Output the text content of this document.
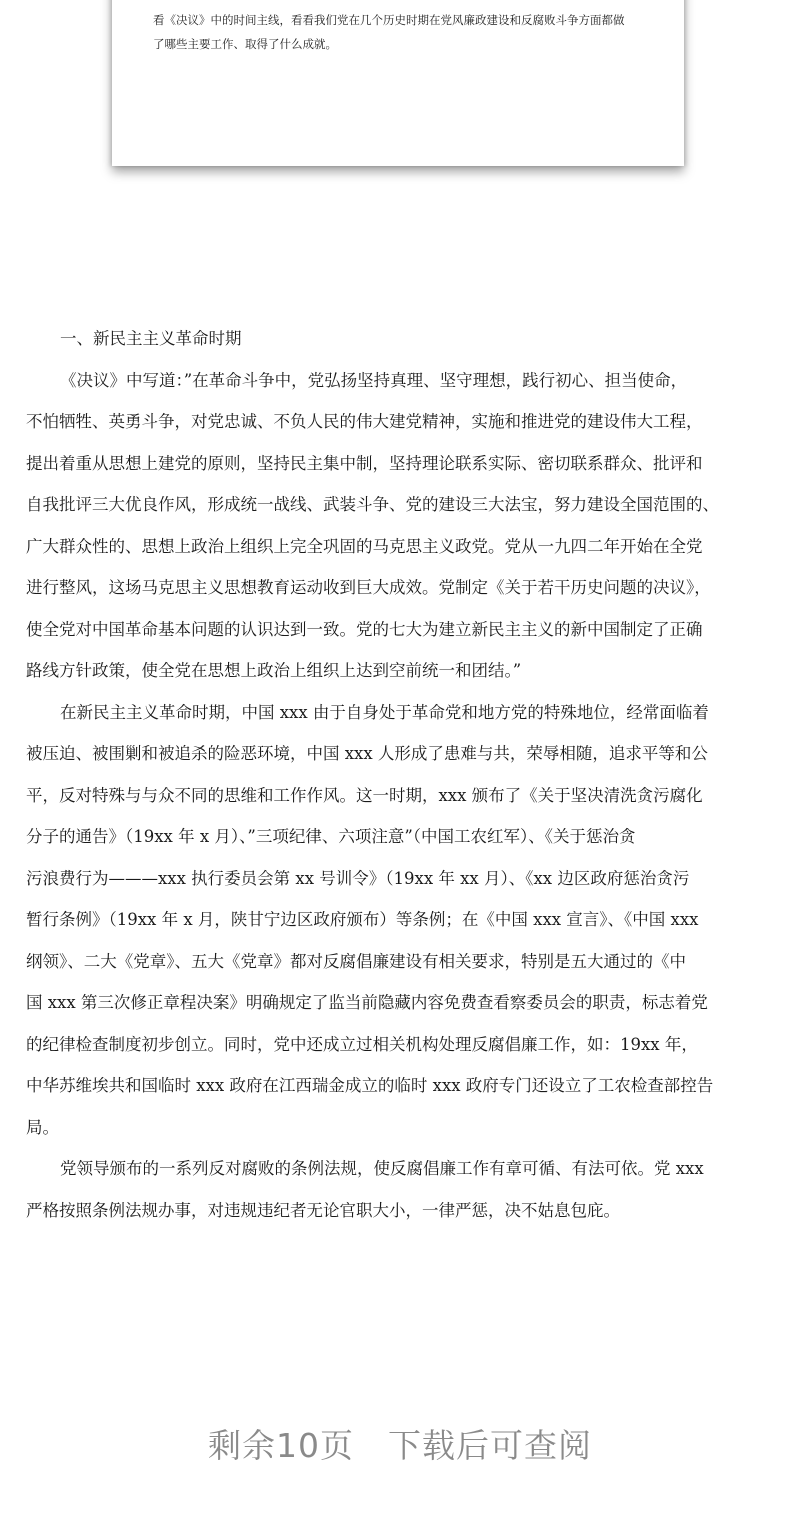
看《决议》中的时间主线，看看我们党在几个历史时期在党风廉政建设和反腐败斗争方面都做

了哪些主要工作、取得了什么成就。

一、新民主主义革命时期

《决议》中写道：”在革命斗争中，党弘扬坚持真理、坚守理想，践行初心、担当使命，

不怕牺牲、英勇斗争，对党忠诚、不负人民的伟大建党精神，实施和推进党的建设伟大工程，

提出着重从思想上建党的原则，坚持民主集中制，坚持理论联系实际、密切联系群众、批评和

自我批评三大优良作风，形成统一战线、武装斗争、党的建设三大法宝，努力建设全国范围的、

广大群众性的、思想上政治上组织上完全巩固的马克思主义政党。党从一九四二年开始在全党

进行整风，这场马克思主义思想教育运动收到巨大成效。党制定《关于若干历史问题的决议》，

使全党对中国革命基本问题的认识达到一致。党的七大为建立新民主主义的新中国制定了正确

路线方针政策，使全党在思想上政治上组织上达到空前统一和团结。”

在新民主主义革命时期，中国 xxx 由于自身处于革命党和地方党的特殊地位，经常面临着

被压迫、被围剿和被追杀的险恶环境，中国 xxx 人形成了患难与共，荣辱相随，追求平等和公

平，反对特殊与与众不同的思维和工作作风。这一时期，xxx 颁布了《关于坚决清洗贪污腐化

分子的通告》（19xx 年 x 月）、”三项纪律、六项注意”（中国工农红军）、《关于惩治贪

污浪费行为———xxx 执行委员会第 xx 号训令》（19xx 年 xx 月）、《xx 边区政府惩治贪污

暂行条例》（19xx 年 x 月，陕甘宁边区政府颁布）等条例；在《中国 xxx 宣言》、《中国 xxx

纲领》、二大《党章》、五大《党章》都对反腐倡廉建设有相关要求，特别是五大通过的《中

国 xxx 第三次修正章程决案》明确规定了监当前隐藏内容免费查看察委员会的职责，标志着党

的纪律检查制度初步创立。同时，党中还成立过相关机构处理反腐倡廉工作，如：19xx 年，

中华苏维埃共和国临时 xxx 政府在江西瑞金成立的临时 xxx 政府专门还设立了工农检查部控告

局。

党领导颁布的一系列反对腐败的条例法规，使反腐倡廉工作有章可循、有法可依。党 xxx

严格按照条例法规办事，对违规违纪者无论官职大小，一律严惩，决不姑息包庇。

剩余10页 下载后可查阅
